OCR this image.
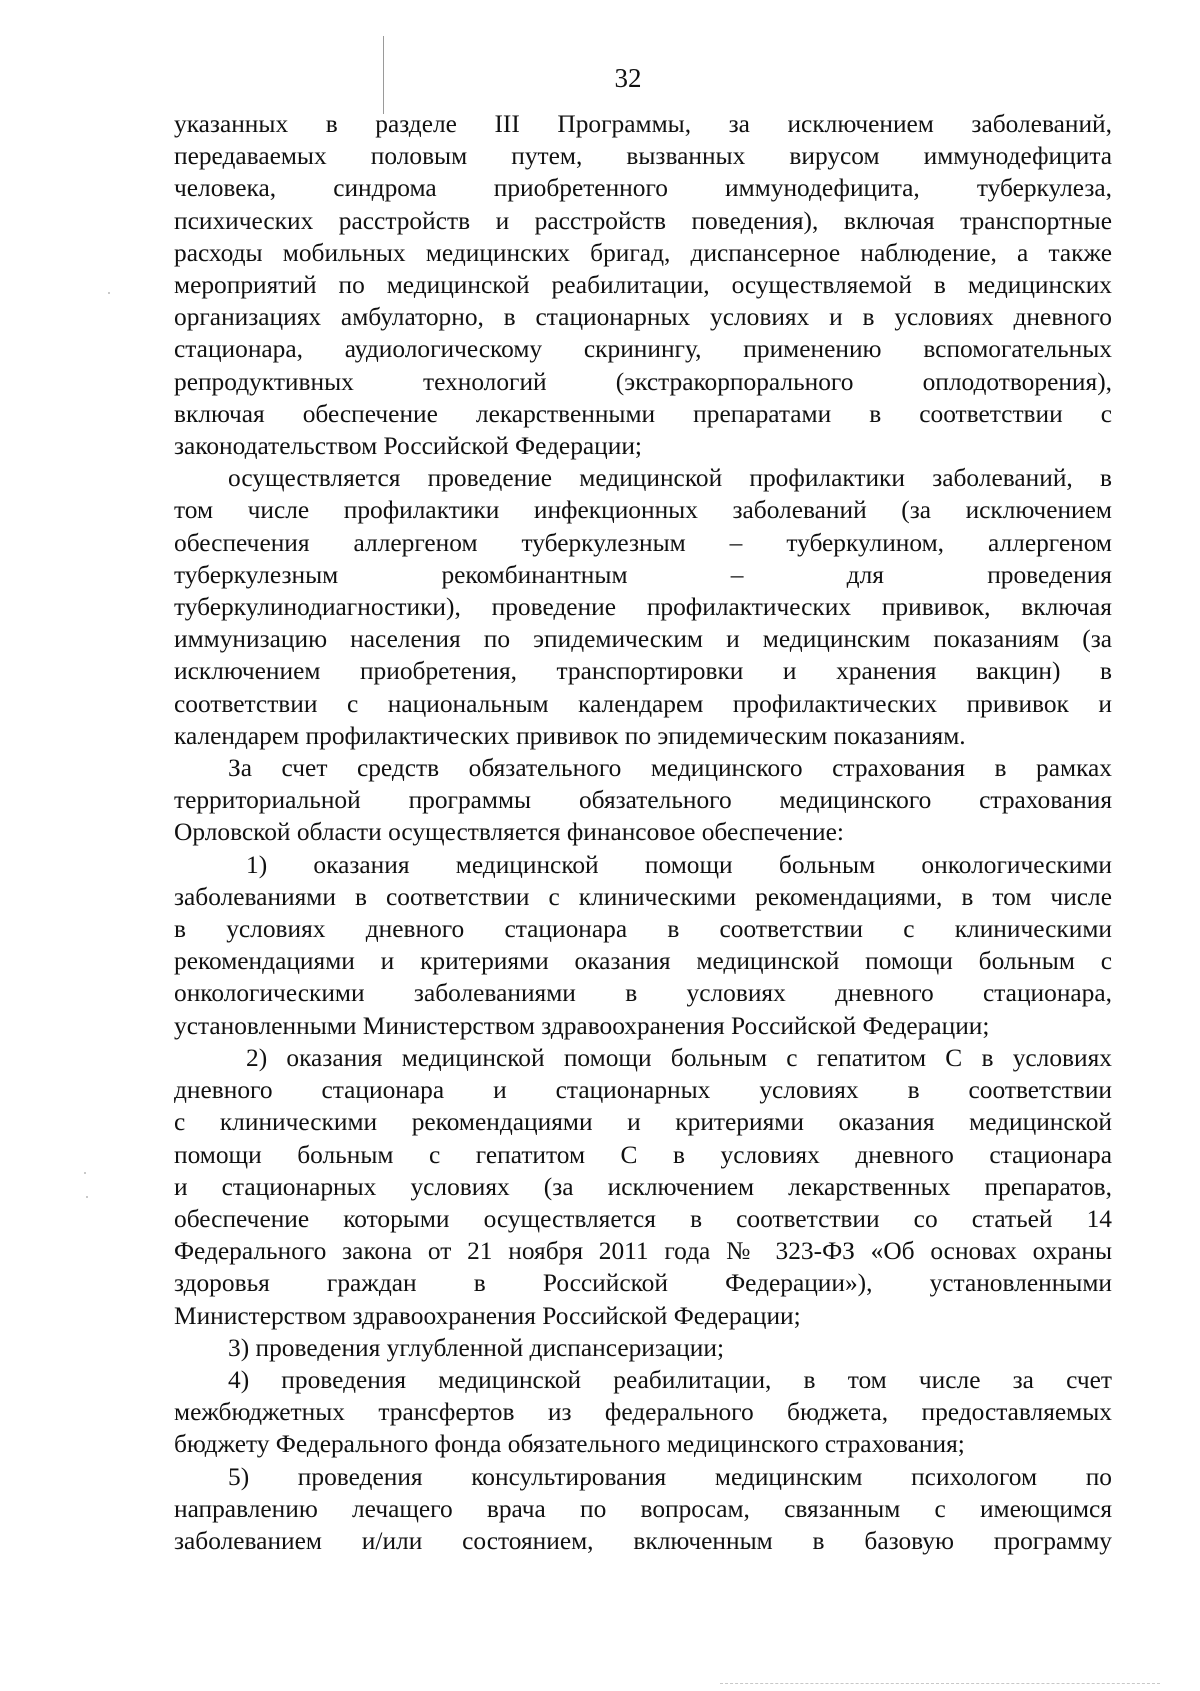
32
указанных в разделе III Программы, за исключением заболеваний,
передаваемых половым путем, вызванных вирусом иммунодефицита
человека, синдрома приобретенного иммунодефицита, туберкулеза,
психических расстройств и расстройств поведения), включая транспортные
расходы мобильных медицинских бригад, диспансерное наблюдение, а также
мероприятий по медицинской реабилитации, осуществляемой в медицинских
организациях амбулаторно, в стационарных условиях и в условиях дневного
стационара, аудиологическому скринингу, применению вспомогательных
репродуктивных технологий (экстракорпорального оплодотворения),
включая обеспечение лекарственными препаратами в соответствии с
законодательством Российской Федерации;
осуществляется проведение медицинской профилактики заболеваний, в
том числе профилактики инфекционных заболеваний (за исключением
обеспечения аллергеном туберкулезным – туберкулином, аллергеном
туберкулезным рекомбинантным – для проведения
туберкулинодиагностики), проведение профилактических прививок, включая
иммунизацию населения по эпидемическим и медицинским показаниям (за
исключением приобретения, транспортировки и хранения вакцин) в
соответствии с национальным календарем профилактических прививок и
календарем профилактических прививок по эпидемическим показаниям.
За счет средств обязательного медицинского страхования в рамках
территориальной программы обязательного медицинского страхования
Орловской области осуществляется финансовое обеспечение:
1) оказания медицинской помощи больным онкологическими
заболеваниями в соответствии с клиническими рекомендациями, в том числе
в условиях дневного стационара в соответствии с клиническими
рекомендациями и критериями оказания медицинской помощи больным с
онкологическими заболеваниями в условиях дневного стационара,
установленными Министерством здравоохранения Российской Федерации;
2) оказания медицинской помощи больным с гепатитом С в условиях
дневного стационара и стационарных условиях в соответствии
с клиническими рекомендациями и критериями оказания медицинской
помощи больным с гепатитом С в условиях дневного стационара
и стационарных условиях (за исключением лекарственных препаратов,
обеспечение которыми осуществляется в соответствии со статьей 14
Федерального закона от 21 ноября 2011 года № 323-ФЗ «Об основах охраны
здоровья граждан в Российской Федерации»), установленными
Министерством здравоохранения Российской Федерации;
3) проведения углубленной диспансеризации;
4) проведения медицинской реабилитации, в том числе за счет
межбюджетных трансфертов из федерального бюджета, предоставляемых
бюджету Федерального фонда обязательного медицинского страхования;
5) проведения консультирования медицинским психологом по
направлению лечащего врача по вопросам, связанным с имеющимся
заболеванием и/или состоянием, включенным в базовую программу
